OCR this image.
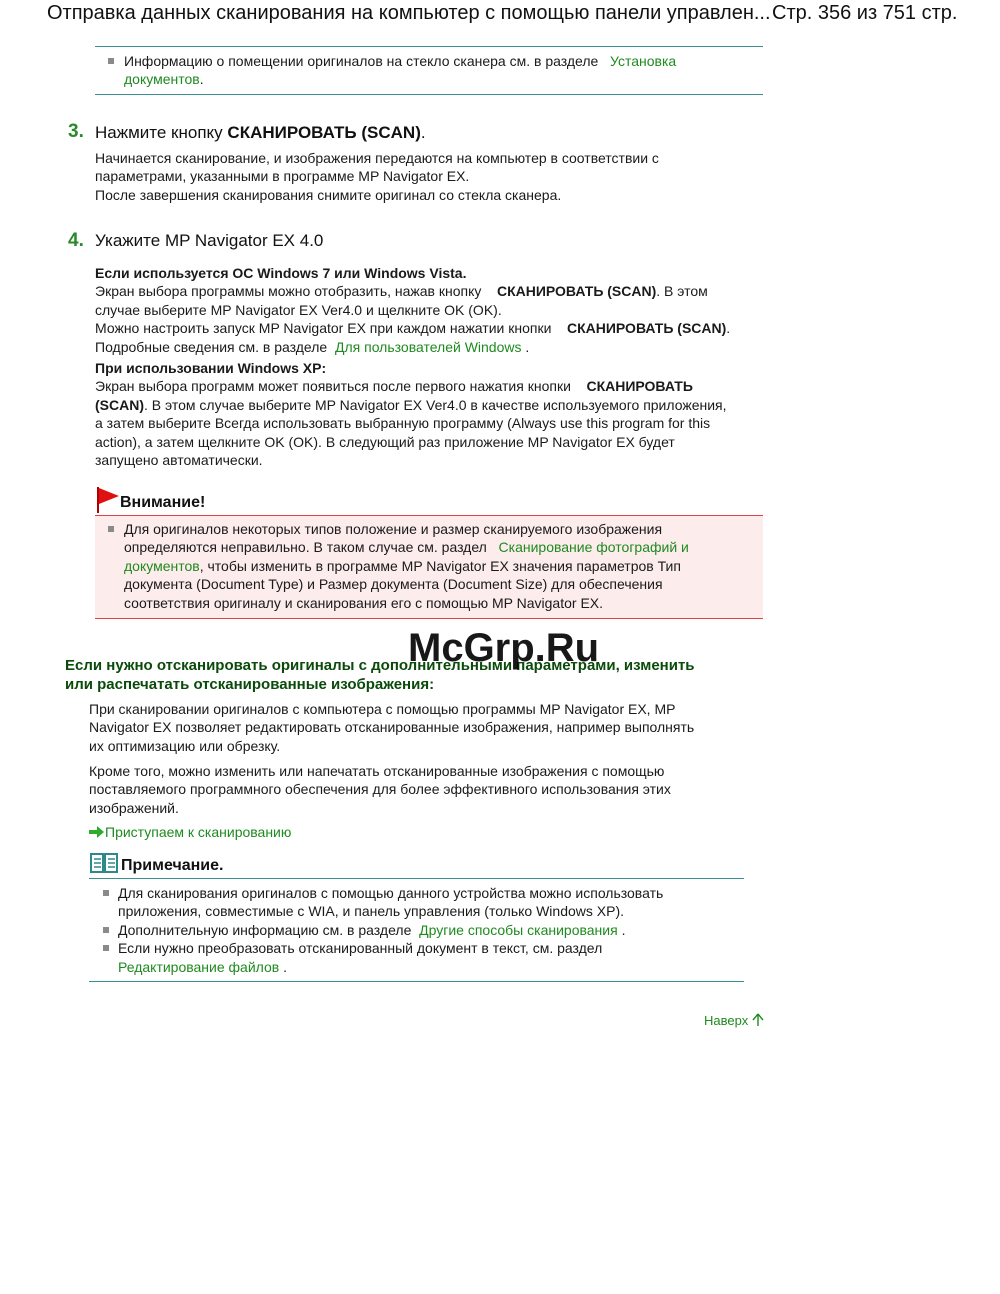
Отправка данных сканирования на компьютер с помощью панели управлен... Стр. 356 из 751 стр.
Информацию о помещении оригиналов на стекло сканера см. в разделе Установка
документов.
3. Нажмите кнопку СКАНИРОВАТЬ (SCAN).
Начинается сканирование, и изображения передаются на компьютер в соответствии с
параметрами, указанными в программе MP Navigator EX.
После завершения сканирования снимите оригинал со стекла сканера.
4. Укажите MP Navigator EX 4.0
Если используется ОС Windows 7 или Windows Vista.
Экран выбора программы можно отобразить, нажав кнопку СКАНИРОВАТЬ (SCAN). В этом
случае выберите MP Navigator EX Ver4.0 и щелкните OK (OK).
Можно настроить запуск MP Navigator EX при каждом нажатии кнопки СКАНИРОВАТЬ (SCAN).
Подробные сведения см. в разделе Для пользователей Windows .
При использовании Windows XP:
Экран выбора программ может появиться после первого нажатия кнопки СКАНИРОВАТЬ
(SCAN). В этом случае выберите MP Navigator EX Ver4.0 в качестве используемого приложения,
а затем выберите Всегда использовать выбранную программу (Always use this program for this
action), а затем щелкните OK (OK). В следующий раз приложение MP Navigator EX будет
запущено автоматически.
Внимание!
Для оригиналов некоторых типов положение и размер сканируемого изображения
определяются неправильно. В таком случае см. раздел Сканирование фотографий и
документов, чтобы изменить в программе MP Navigator EX значения параметров Тип
документа (Document Type) и Размер документа (Document Size) для обеспечения
соответствия оригиналу и сканирования его с помощью MP Navigator EX.
Если нужно отсканировать оригиналы с дополнительными параметрами, изменить
или распечатать отсканированные изображения:
McGrp.Ru
При сканировании оригиналов с компьютера с помощью программы MP Navigator EX, MP
Navigator EX позволяет редактировать отсканированные изображения, например выполнять
их оптимизацию или обрезку.
Кроме того, можно изменить или напечатать отсканированные изображения с помощью
поставляемого программного обеспечения для более эффективного использования этих
изображений.
Приступаем к сканированию
Примечание.
Для сканирования оригиналов с помощью данного устройства можно использовать
приложения, совместимые с WIA, и панель управления (только Windows XP).
Дополнительную информацию см. в разделе Другие способы сканирования .
Если нужно преобразовать отсканированный документ в текст, см. раздел
Редактирование файлов .
Наверх
